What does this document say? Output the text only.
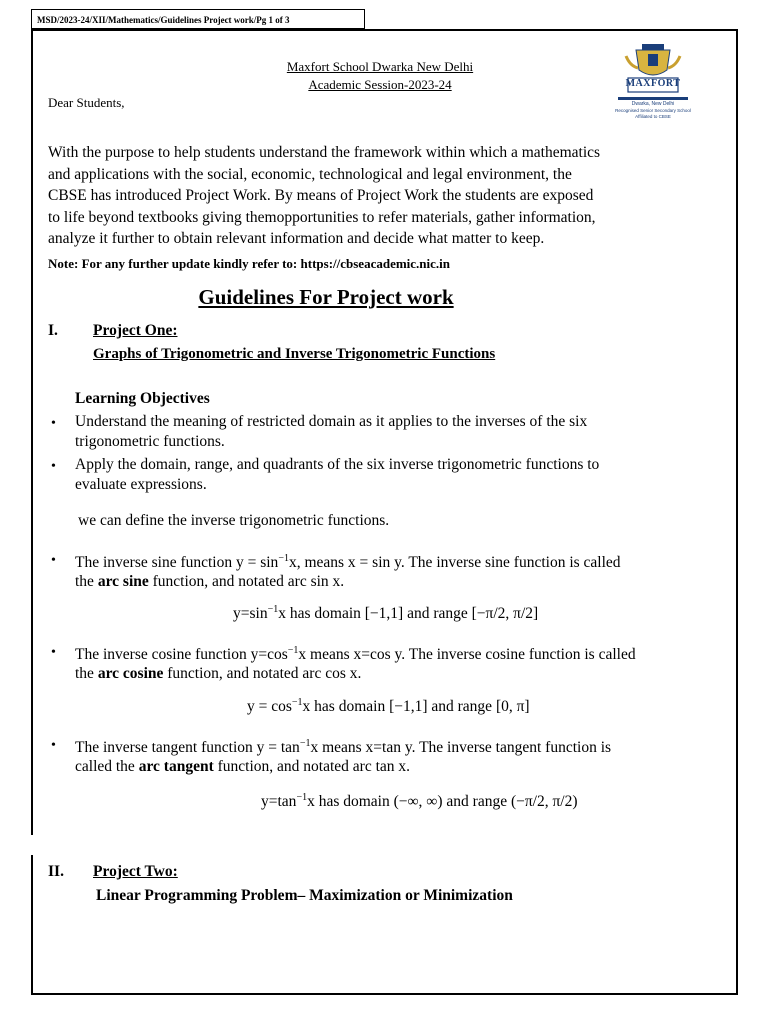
MSD/2023-24/XII/Mathematics/Guidelines Project work/Pg 1 of 3
Maxfort School Dwarka New Delhi
Academic Session-2023-24	MAXFORT
Dwarka, New Delhi
Recognised Senior Secondary School
Affiliated to CBSE
Dear Students,
With the purpose to help students understand the framework within which a mathematics
and applications with the social, economic, technological and legal environment, the
CBSE has introduced Project Work. By means of Project Work the students are exposed
to life beyond textbooks giving themopportunities to refer materials, gather information,
analyze it further to obtain relevant information and decide what matter to keep.
Note: For any further update kindly refer to: https://cbseacademic.nic.in
Guidelines For Project work
I. Project One:
Graphs of Trigonometric and Inverse Trigonometric Functions
Learning Objectives
• Understand the meaning of restricted domain as it applies to the inverses of the six
trigonometric functions.
• Apply the domain, range, and quadrants of the six inverse trigonometric functions to
evaluate expressions.
we can define the inverse trigonometric functions.
• The inverse sine function $y = \sin^{-1}x$, means x = sin y. The inverse sine function is called
the arc sine function, and notated arc sin x.
$y=\sin^{-1}x$ has domain [−1,1] and range [−π/2, π/2]
• The inverse cosine function $y=\cos^{-1}x$ means x=cos y. The inverse cosine function is called
the arc cosine function, and notated arc cos x.
$y = \cos^{-1}x$ has domain [−1,1] and range [0, π]
• The inverse tangent function $y = \tan^{-1}x$ means x=tan y. The inverse tangent function is
called the arc tangent function, and notated arc tan x.
$y=\tan^{-1}x$ has domain (−∞, ∞) and range (−π/2, π/2)
II. Project Two:
Linear Programming Problem– Maximization or Minimization
